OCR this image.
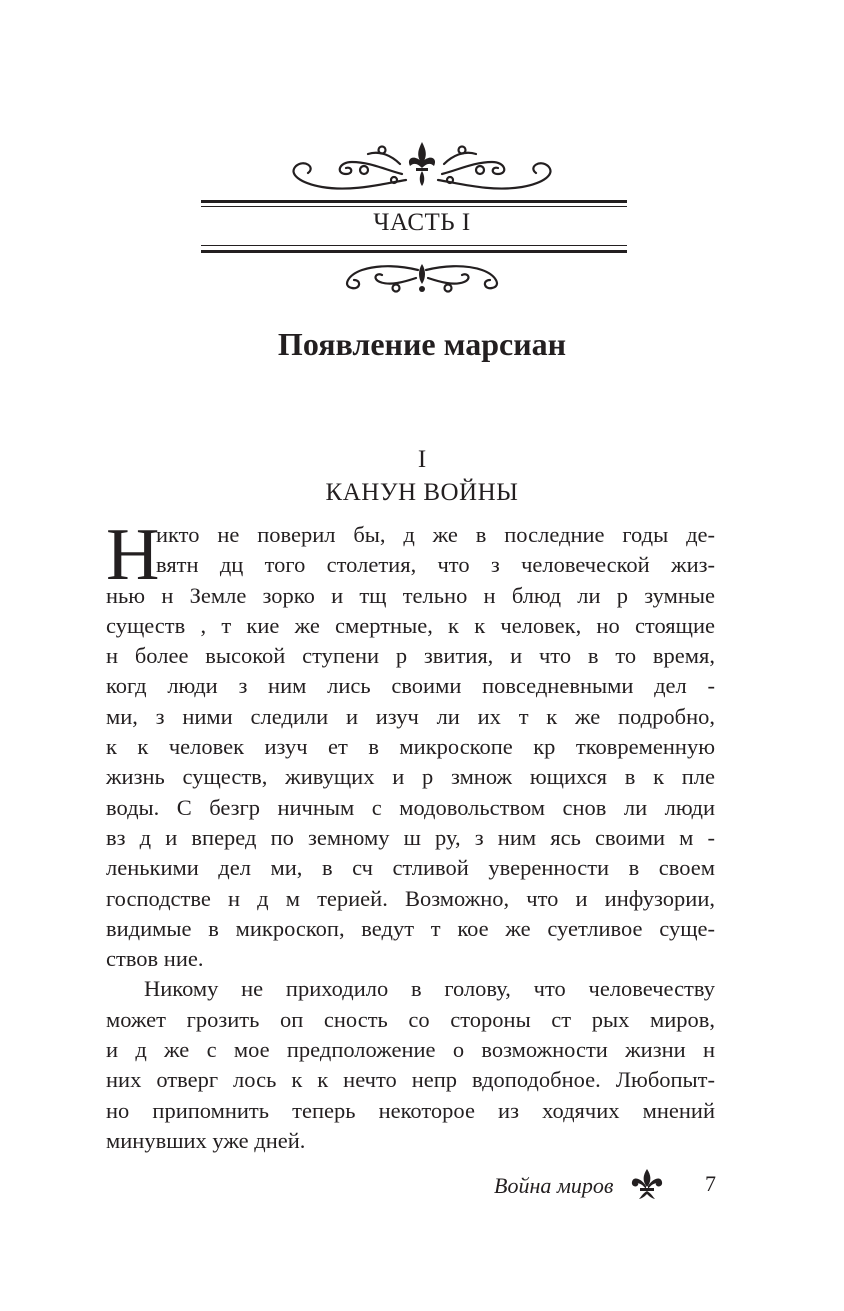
ЧАСТЬ I
Появление марсиан
I
КАНУН ВОЙНЫ
Н
икто не поверил бы, д же в последние годы де-
вятн дц того столетия, что з человеческой жиз-
нью н Земле зорко и тщ тельно н блюд ли р зумные
существ , т кие же смертные, к к человек, но стоящие
н более высокой ступени р звития, и что в то время,
когд люди з ним лись своими повседневными дел -
ми, з ними следили и изуч ли их т к же подробно,
к к человек изуч ет в микроскопе кр тковременную
жизнь существ, живущих и р змнож ющихся в к пле
воды. С безгр ничным с модовольством снов ли люди
вз д и вперед по земному ш ру, з ним ясь своими м -
ленькими дел ми, в сч стливой уверенности в своем
господстве н д м терией. Возможно, что и инфузории,
видимые в микроскоп, ведут т кое же суетливое суще-
ствов ние.
Никому не приходило в голову, что человечеству
может грозить оп сность со стороны ст рых миров,
и д же с мое предположение о возможности жизни н
них отверг лось к к нечто непр вдоподобное. Любопыт-
но припомнить теперь некоторое из ходячих мнений
минувших уже дней.
Война миров	7
